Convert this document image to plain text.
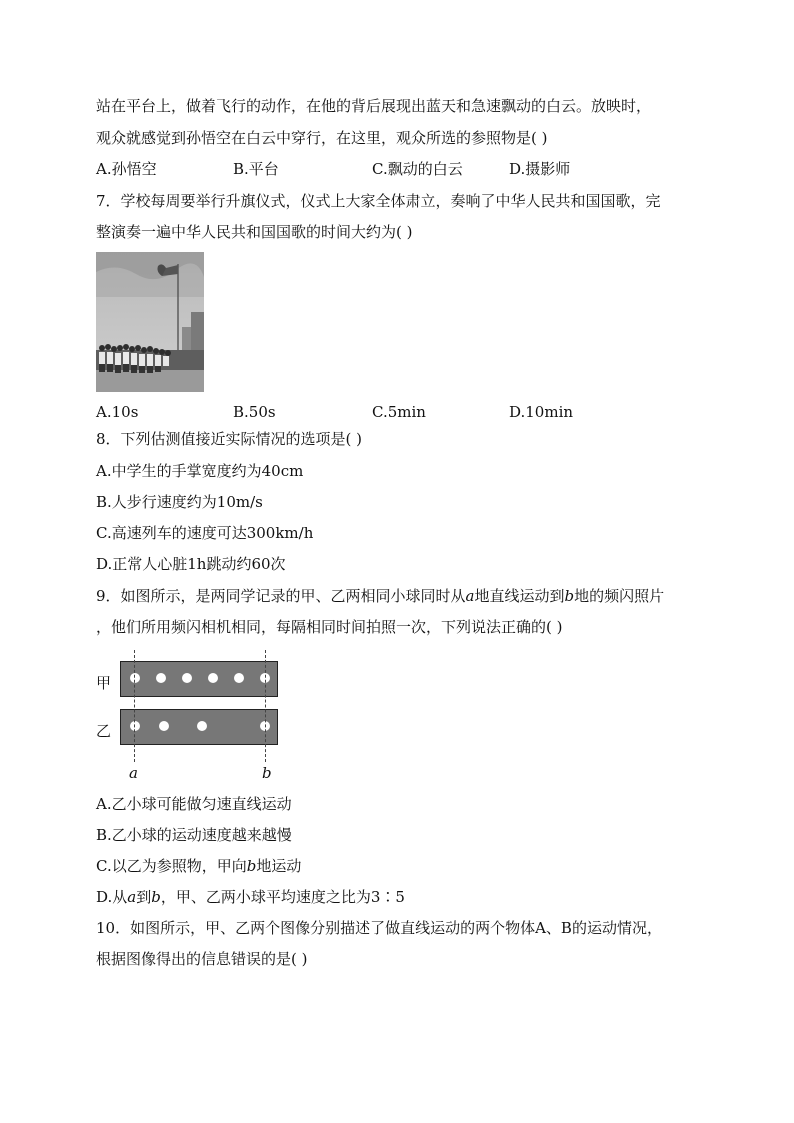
站在平台上，做着飞行的动作，在他的背后展现出蓝天和急速飘动的白云。放映时，
观众就感觉到孙悟空在白云中穿行，在这里，观众所选的参照物是( )
A.孙悟空	B.平台	C.飘动的白云	D.摄影师
7．学校每周要举行升旗仪式，仪式上大家全体肃立，奏响了中华人民共和国国歌，完
整演奏一遍中华人民共和国国歌的时间大约为( )
A.10s	B.50s	C.5min	D.10min
8．下列估测值接近实际情况的选项是( )
A.中学生的手掌宽度约为40cm
B.人步行速度约为10m/s
C.高速列车的速度可达300km/h
D.正常人心脏1h跳动约60次
9．如图所示，是两同学记录的甲、乙两相同小球同时从a地直线运动到b地的频闪照片
，他们所用频闪相机相同，每隔相同时间拍照一次，下列说法正确的( )
甲
乙
a	b
A.乙小球可能做匀速直线运动
B.乙小球的运动速度越来越慢
C.以乙为参照物，甲向b地运动
D.从a到b，甲、乙两小球平均速度之比为3∶5
10．如图所示，甲、乙两个图像分别描述了做直线运动的两个物体A、B的运动情况，
根据图像得出的信息错误的是( )
